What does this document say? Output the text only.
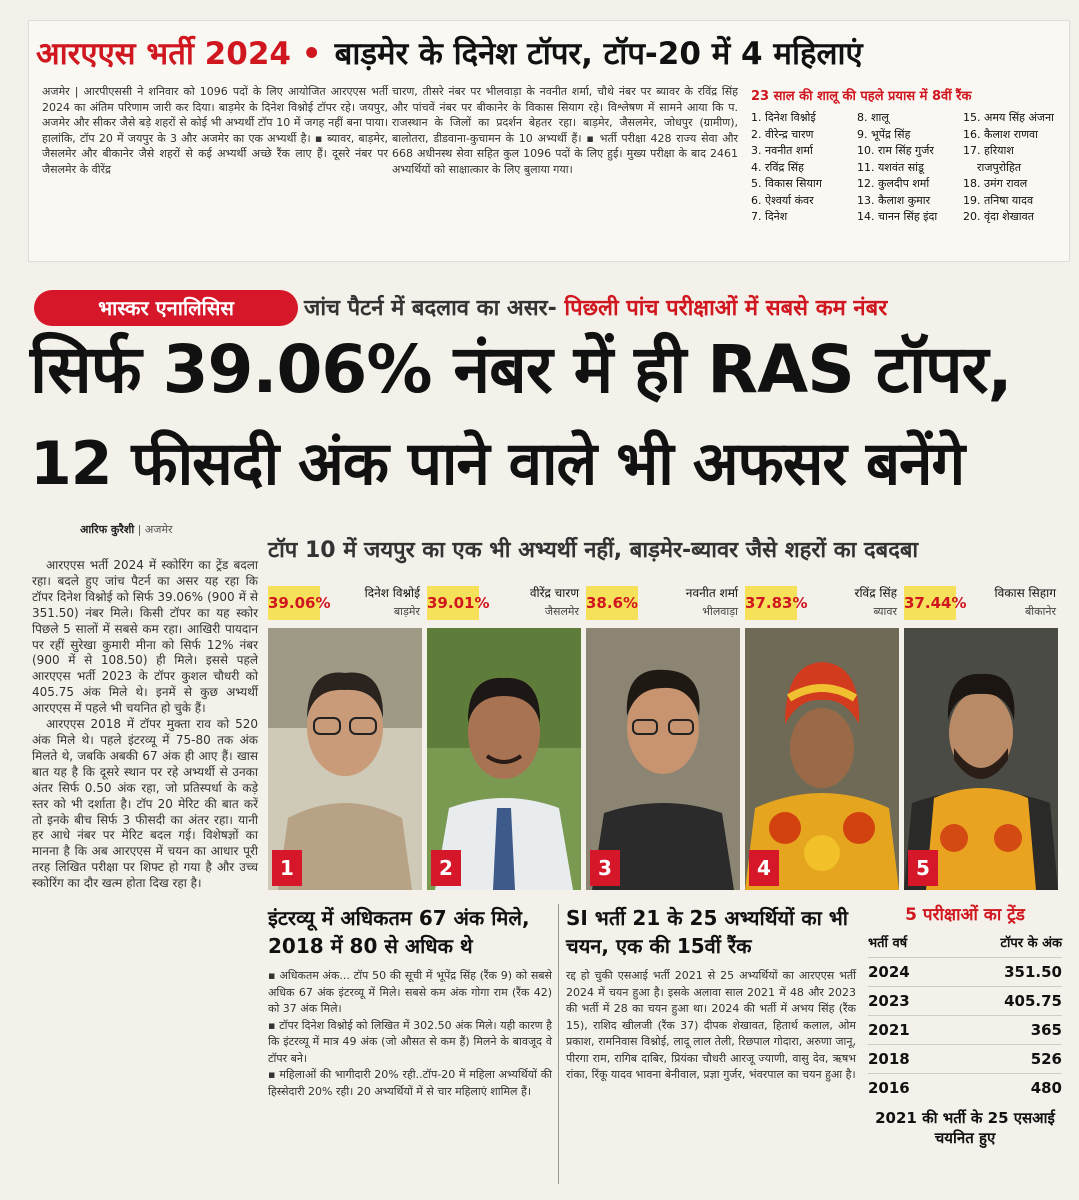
आरएएस भर्ती 2024 • बाड़मेर के दिनेश टॉपर, टॉप-20 में 4 महिलाएं
अजमेर | आरपीएससी ने शनिवार को 1096 पदों के लिए आयोजित आरएएस भर्ती 2024 का अंतिम परिणाम जारी कर दिया। बाड़मेर के दिनेश विश्नोई टॉपर रहे। जयपुर, अजमेर और सीकर जैसे बड़े शहरों से कोई भी अभ्यर्थी टॉप 10 में जगह नहीं बना पाया। हालांकि, टॉप 20 में जयपुर के 3 और अजमेर का एक अभ्यर्थी है। ▪ ब्यावर, बाड़मेर, जैसलमेर और बीकानेर जैसे शहरों से कई अभ्यर्थी अच्छे रैंक लाए हैं। दूसरे नंबर पर जैसलमेर के वीरेंद्र
चारण, तीसरे नंबर पर भीलवाड़ा के नवनीत शर्मा, चौथे नंबर पर ब्यावर के रविंद्र सिंह और पांचवें नंबर पर बीकानेर के विकास सियाग रहे। विश्लेषण में सामने आया कि प. राजस्थान के जिलों का प्रदर्शन बेहतर रहा। बाड़मेर, जैसलमेर, जोधपुर (ग्रामीण), बालोतरा, डीडवाना-कुचामन के 10 अभ्यर्थी हैं। ▪ भर्ती परीक्षा 428 राज्य सेवा और 668 अधीनस्थ सेवा सहित कुल 1096 पदों के लिए हुई। मुख्य परीक्षा के बाद 2461 अभ्यर्थियों को साक्षात्कार के लिए बुलाया गया।
23 साल की शालू की पहले प्रयास में 8वीं रैंक
1. दिनेश विश्नोई	8. शालू	15. अमय सिंह अंजना
2. वीरेन्द्र चारण	9. भूपेंद्र सिंह	16. कैलाश राणवा
3. नवनीत शर्मा	10. राम सिंह गुर्जर	17. हरियाश
4. रविंद्र सिंह	11. यशवंत सांडू	राजपुरोहित
5. विकास सियाग	12. कुलदीप शर्मा	18. उमंग रावल
6. ऐश्वर्या कंवर	13. कैलाश कुमार	19. तनिषा यादव
7. दिनेश	14. चानन सिंह इंदा	20. वृंदा शेखावत
भास्कर एनालिसिस	जांच पैटर्न में बदलाव का असर- पिछली पांच परीक्षाओं में सबसे कम नंबर
सिर्फ 39.06% नंबर में ही RAS टॉपर,
12 फीसदी अंक पाने वाले भी अफसर बनेंगे
आरिफ कुरैशी | अजमेर

आरएएस भर्ती 2024 में स्कोरिंग का ट्रेंड बदला रहा। बदले हुए जांच पैटर्न का असर यह रहा कि टॉपर दिनेश विश्नोई को सिर्फ 39.06% (900 में से 351.50) नंबर मिले। किसी टॉपर का यह स्कोर पिछले 5 सालों में सबसे कम रहा। आखिरी पायदान पर रहीं सुरेखा कुमारी मीना को सिर्फ 12% नंबर (900 में से 108.50) ही मिले। इससे पहले आरएएस भर्ती 2023 के टॉपर कुशल चौधरी को 405.75 अंक मिले थे। इनमें से कुछ अभ्यर्थी आरएएस में पहले भी चयनित हो चुके हैं।

आरएएस 2018 में टॉपर मुक्ता राव को 520 अंक मिले थे। पहले इंटरव्यू में 75-80 तक अंक मिलते थे, जबकि अबकी 67 अंक ही आए हैं। खास बात यह है कि दूसरे स्थान पर रहे अभ्यर्थी से उनका अंतर सिर्फ 0.50 अंक रहा, जो प्रतिस्पर्धा के कड़े स्तर को भी दर्शाता है। टॉप 20 मेरिट की बात करें तो इनके बीच सिर्फ 3 फीसदी का अंतर रहा। यानी हर आधे नंबर पर मेरिट बदल गई। विशेषज्ञों का मानना है कि अब आरएएस में चयन का आधार पूरी तरह लिखित परीक्षा पर शिफ्ट हो गया है और उच्च स्कोरिंग का दौर खत्म होता दिख रहा है।

टॉप 10 में जयपुर का एक भी अभ्यर्थी नहीं, बाड़मेर-ब्यावर जैसे शहरों का दबदबा
39.06%
दिनेश विश्नोई
बाड़मेर
1
39.01%
वीरेंद्र चारण
जैसलमेर
2
38.6%
नवनीत शर्मा
भीलवाड़ा
3
37.83%
रविंद्र सिंह
ब्यावर
4
37.44%
विकास सिहाग
बीकानेर
5
इंटरव्यू में अधिकतम 67 अंक मिले, 2018 में 80 से अधिक थे

▪ अधिकतम अंक... टॉप 50 की सूची में भूपेंद्र सिंह (रैंक 9) को सबसे अधिक 67 अंक इंटरव्यू में मिले। सबसे कम अंक गोगा राम (रैंक 42) को 37 अंक मिले।

▪ टॉपर दिनेश विश्नोई को लिखित में 302.50 अंक मिले। यही कारण है कि इंटरव्यू में मात्र 49 अंक (जो औसत से कम हैं) मिलने के बावजूद वे टॉपर बने।

▪ महिलाओं की भागीदारी 20% रही..टॉप-20 में महिला अभ्यर्थियों की हिस्सेदारी 20% रही। 20 अभ्यर्थियों में से चार महिलाएं शामिल हैं।

SI भर्ती 21 के 25 अभ्यर्थियों का भी चयन, एक की 15वीं रैंक
रद्द हो चुकी एसआई भर्ती 2021 से 25 अभ्यर्थियों का आरएएस भर्ती 2024 में चयन हुआ है। इसके अलावा साल 2021 में 48 और 2023 की भर्ती में 28 का चयन हुआ था। 2024 की भर्ती में अभय सिंह (रैंक 15), राशिद खीलजी (रैंक 37) दीपक शेखावत, हितार्थ कलाल, ओम प्रकाश, रामनिवास विश्नोई, लादू लाल तेली, रिछपाल गोदारा, अरुणा जानू, पीरगा राम, रागिब दाबिर, प्रियंका चौधरी आरजू ज्याणी, वासु देव, ऋषभ रांका, रिंकू यादव भावना बेनीवाल, प्रज्ञा गुर्जर, भंवरपाल का चयन हुआ है।
5 परीक्षाओं का ट्रेंड
भर्ती वर्ष	टॉपर के अंक
2024	351.50
2023	405.75
2021	365
2018	526
2016	480
2021 की भर्ती के 25 एसआई चयनित हुए
